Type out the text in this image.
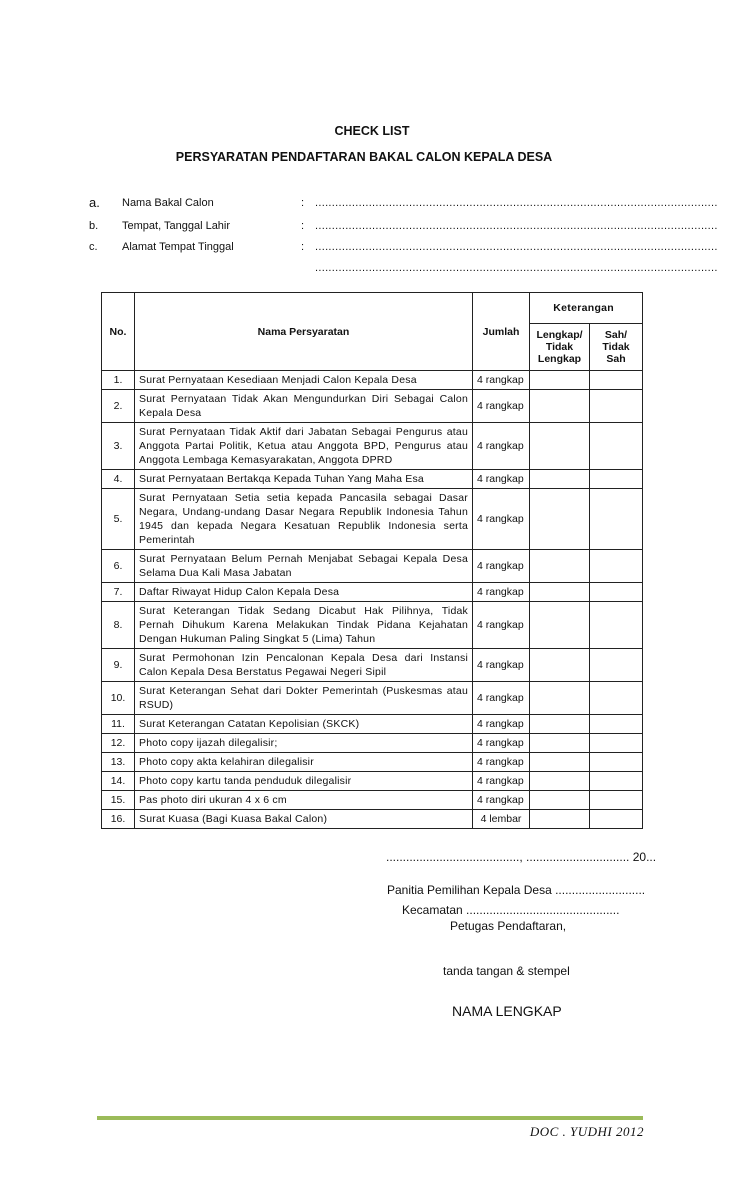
CHECK LIST
PERSYARATAN PENDAFTARAN BAKAL CALON KEPALA DESA
a. Nama Bakal Calon	: ........................................................................................................................
b. Tempat, Tanggal Lahir	: ........................................................................................................................
c. Alamat Tempat Tinggal	: ........................................................................................................................
........................................................................................................................
No.	Nama Persyaratan	Jumlah	Keterangan	
			Lengkap/ Tidak Lengkap	Sah/ Tidak Sah
1.	Surat Pernyataan Kesediaan Menjadi Calon Kepala Desa	4 rangkap		
2.	Surat Pernyataan Tidak Akan Mengundurkan Diri Sebagai Calon Kepala Desa	4 rangkap		
3.	Surat Pernyataan Tidak Aktif dari Jabatan Sebagai Pengurus atau Anggota Partai Politik, Ketua atau Anggota BPD, Pengurus atau Anggota Lembaga Kemasyarakatan, Anggota DPRD	4 rangkap		
4.	Surat Pernyataan Bertakqa Kepada Tuhan Yang Maha Esa	4 rangkap		
5.	Surat Pernyataan Setia setia kepada Pancasila sebagai Dasar Negara, Undang-undang Dasar Negara Republik Indonesia Tahun 1945 dan kepada Negara Kesatuan Republik Indonesia serta Pemerintah	4 rangkap		
6.	Surat Pernyataan Belum Pernah Menjabat Sebagai Kepala Desa Selama Dua Kali Masa Jabatan	4 rangkap		
7.	Daftar Riwayat Hidup Calon Kepala Desa	4 rangkap		
8.	Surat Keterangan Tidak Sedang Dicabut Hak Pilihnya, Tidak Pernah Dihukum Karena Melakukan Tindak Pidana Kejahatan Dengan Hukuman Paling Singkat 5 (Lima) Tahun	4 rangkap		
9.	Surat Permohonan Izin Pencalonan Kepala Desa dari Instansi Calon Kepala Desa Berstatus Pegawai Negeri Sipil	4 rangkap		
10.	Surat Keterangan Sehat dari Dokter Pemerintah (Puskesmas atau RSUD)	4 rangkap		
11.	Surat Keterangan Catatan Kepolisian (SKCK)	4 rangkap		
12.	Photo copy ijazah dilegalisir;	4 rangkap		
13.	Photo copy akta kelahiran dilegalisir	4 rangkap		
14.	Photo copy kartu tanda penduduk dilegalisir	4 rangkap		
15.	Pas photo diri ukuran 4 x 6 cm	4 rangkap		
16.	Surat Kuasa (Bagi Kuasa Bakal Calon)	4 lembar		
........................................, ............................... 20...
Panitia Pemilihan Kepala Desa ...........................
Kecamatan ..............................................
Petugas Pendaftaran,
tanda tangan & stempel
NAMA LENGKAP
DOC . YUDHI 2012
